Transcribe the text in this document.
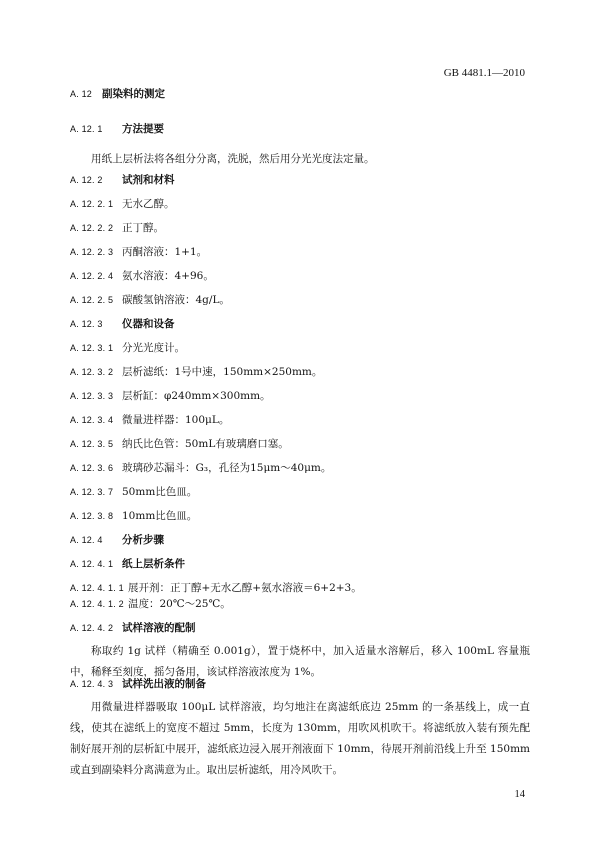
GB 4481.1—2010
A. 12 副染料的测定
A. 12. 1	方法提要
用纸上层析法将各组分分离，洗脱，然后用分光光度法定量。
A. 12. 2	试剂和材料
A. 12. 2. 1 无水乙醇。
A. 12. 2. 2 正丁醇。
A. 12. 2. 3 丙酮溶液：1+1。
A. 12. 2. 4 氨水溶液：4+96。
A. 12. 2. 5 碳酸氢钠溶液：4g/L。
A. 12. 3	仪器和设备
A. 12. 3. 1 分光光度计。
A. 12. 3. 2 层析滤纸：1号中速，150mm×250mm。
A. 12. 3. 3 层析缸：φ240mm×300mm。
A. 12. 3. 4 微量进样器：100μL。
A. 12. 3. 5 纳氏比色管：50mL有玻璃磨口塞。
A. 12. 3. 6 玻璃砂芯漏斗：G₃，孔径为15μm～40μm。
A. 12. 3. 7 50mm比色皿。
A. 12. 3. 8 10mm比色皿。
A. 12. 4	分析步骤
A. 12. 4. 1 纸上层析条件
A. 12. 4. 1. 1 展开剂：正丁醇+无水乙醇+氨水溶液＝6+2+3。
A. 12. 4. 1. 2 温度：20℃～25℃。
A. 12. 4. 2 试样溶液的配制
称取约 1g 试样（精确至 0.001g），置于烧杯中，加入适量水溶解后，移入 100mL 容量瓶中，稀释至刻度，摇匀备用，该试样溶液浓度为 1%。
A. 12. 4. 3 试样洗出液的制备
用微量进样器吸取 100μL 试样溶液，均匀地注在离滤纸底边 25mm 的一条基线上，成一直线，使其在滤纸上的宽度不超过 5mm，长度为 130mm，用吹风机吹干。将滤纸放入装有预先配制好展开剂的层析缸中展开，滤纸底边浸入展开剂液面下 10mm，待展开剂前沿线上升至 150mm 或直到副染料分离满意为止。取出层析滤纸，用冷风吹干。
14
